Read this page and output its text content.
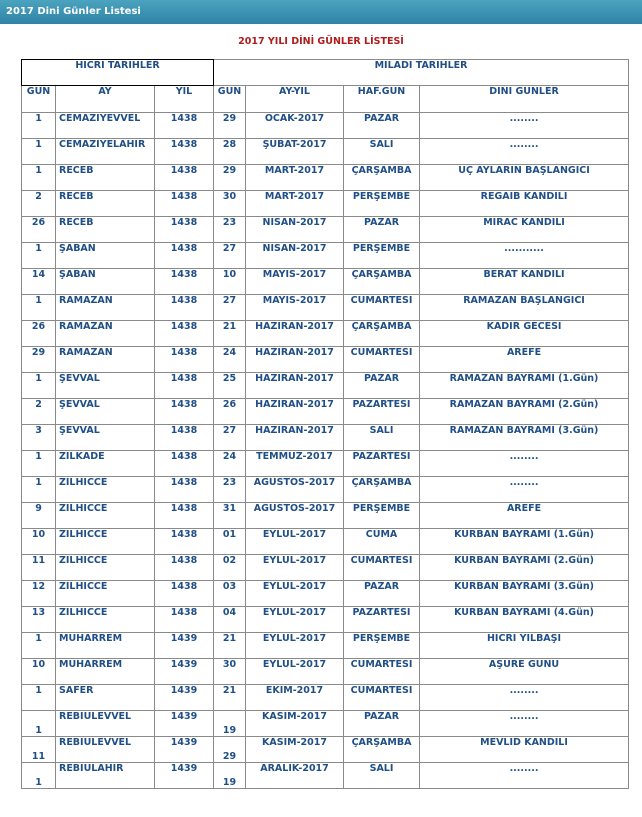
2017 Dini Günler Listesi
2017 YILI DİNİ GÜNLER LİSTESİ
HİCRİ TARİHLER			MİLADİ TARİHLER			
GÜN	AY	YIL	GÜN	AY-YIL	HAF.GÜN	DİNİ GÜNLER
1	CEMAZİYEVVEL	1438	29	OCAK-2017	PAZAR	........
1	CEMAZİYELAHİR	1438	28	ŞUBAT-2017	SALI	........
1	RECEB	1438	29	MART-2017	ÇARŞAMBA	ÜÇ AYLARIN BAŞLANGICI
2	RECEB	1438	30	MART-2017	PERŞEMBE	REGAİB KANDİLİ
26	RECEB	1438	23	NİSAN-2017	PAZAR	MİRAC KANDİLİ
1	ŞABAN	1438	27	NİSAN-2017	PERŞEMBE	...........
14	ŞABAN	1438	10	MAYIS-2017	ÇARŞAMBA	BERAT KANDİLİ
1	RAMAZAN	1438	27	MAYIS-2017	CUMARTESİ	RAMAZAN BAŞLANGICI
26	RAMAZAN	1438	21	HAZİRAN-2017	ÇARŞAMBA	KADİR GECESİ
29	RAMAZAN	1438	24	HAZİRAN-2017	CUMARTESİ	AREFE
1	ŞEVVAL	1438	25	HAZİRAN-2017	PAZAR	RAMAZAN BAYRAMI (1.Gün)
2	ŞEVVAL	1438	26	HAZİRAN-2017	PAZARTESİ	RAMAZAN BAYRAMI (2.Gün)
3	ŞEVVAL	1438	27	HAZİRAN-2017	SALI	RAMAZAN BAYRAMI (3.Gün)
1	ZİLKADE	1438	24	TEMMUZ-2017	PAZARTESİ	........
1	ZİLHİCCE	1438	23	AĞUSTOS-2017	ÇARŞAMBA	........
9	ZİLHİCCE	1438	31	AĞUSTOS-2017	PERŞEMBE	AREFE
10	ZİLHİCCE	1438	01	EYLÜL-2017	CUMA	KURBAN BAYRAMI (1.Gün)
11	ZİLHİCCE	1438	02	EYLÜL-2017	CUMARTESİ	KURBAN BAYRAMI (2.Gün)
12	ZİLHİCCE	1438	03	EYLÜL-2017	PAZAR	KURBAN BAYRAMI (3.Gün)
13	ZİLHİCCE	1438	04	EYLÜL-2017	PAZARTESİ	KURBAN BAYRAMI (4.Gün)
1	MUHARREM	1439	21	EYLÜL-2017	PERŞEMBE	HİCRİ YILBAŞI
10	MUHARREM	1439	30	EYLÜL-2017	CUMARTESİ	AŞURE GÜNÜ
1	SAFER	1439	21	EKİM-2017	CUMARTESİ	........
1	REBİÜLEVVEL	1439	19	KASIM-2017	PAZAR	........
11	REBİÜLEVVEL	1439	29	KASIM-2017	ÇARŞAMBA	MEVLİD KANDİLİ
1	REBİÜLAHİR	1439	19	ARALIK-2017	SALI	........
